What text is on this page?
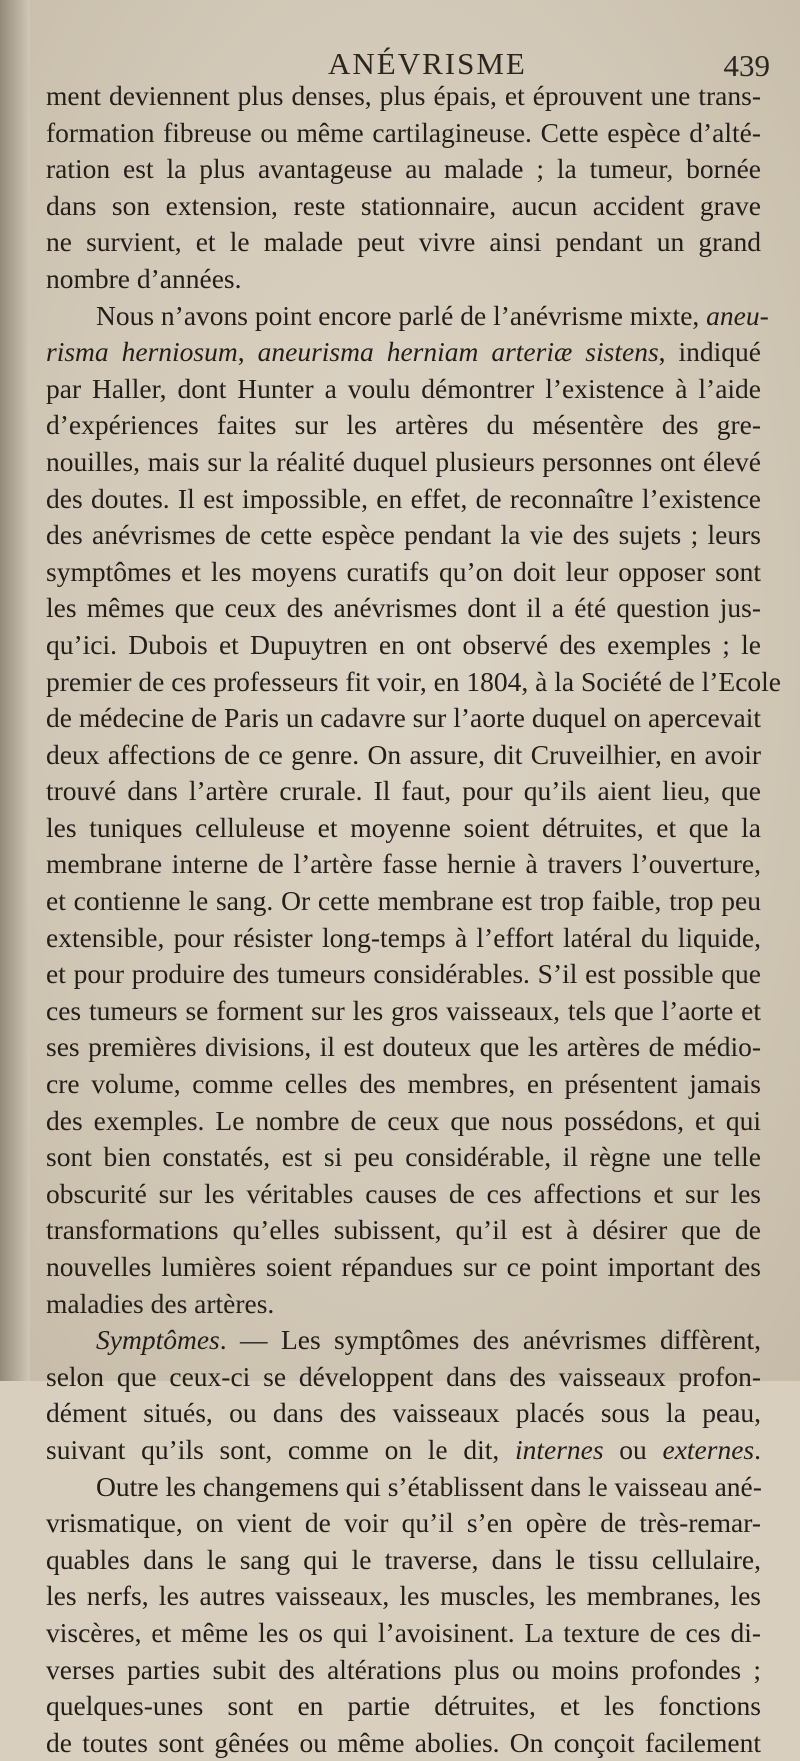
ANÉVRISME	439
ment deviennent plus denses, plus épais, et éprouvent une trans-
formation fibreuse ou même cartilagineuse. Cette espèce d’alté-
ration est la plus avantageuse au malade ; la tumeur, bornée
dans son extension, reste stationnaire, aucun accident grave
ne survient, et le malade peut vivre ainsi pendant un grand
nombre d’années.
Nous n’avons point encore parlé de l’anévrisme mixte, aneu-
risma herniosum, aneurisma herniam arteriæ sistens, indiqué
par Haller, dont Hunter a voulu démontrer l’existence à l’aide
d’expériences faites sur les artères du mésentère des gre-
nouilles, mais sur la réalité duquel plusieurs personnes ont élevé
des doutes. Il est impossible, en effet, de reconnaître l’existence
des anévrismes de cette espèce pendant la vie des sujets ; leurs
symptômes et les moyens curatifs qu’on doit leur opposer sont
les mêmes que ceux des anévrismes dont il a été question jus-
qu’ici. Dubois et Dupuytren en ont observé des exemples ; le
premier de ces professeurs fit voir, en 1804, à la Société de l’Ecole
de médecine de Paris un cadavre sur l’aorte duquel on apercevait
deux affections de ce genre. On assure, dit Cruveilhier, en avoir
trouvé dans l’artère crurale. Il faut, pour qu’ils aient lieu, que
les tuniques celluleuse et moyenne soient détruites, et que la
membrane interne de l’artère fasse hernie à travers l’ouverture,
et contienne le sang. Or cette membrane est trop faible, trop peu
extensible, pour résister long-temps à l’effort latéral du liquide,
et pour produire des tumeurs considérables. S’il est possible que
ces tumeurs se forment sur les gros vaisseaux, tels que l’aorte et
ses premières divisions, il est douteux que les artères de médio-
cre volume, comme celles des membres, en présentent jamais
des exemples. Le nombre de ceux que nous possédons, et qui
sont bien constatés, est si peu considérable, il règne une telle
obscurité sur les véritables causes de ces affections et sur les
transformations qu’elles subissent, qu’il est à désirer que de
nouvelles lumières soient répandues sur ce point important des
maladies des artères.
Symptômes. — Les symptômes des anévrismes diffèrent,
selon que ceux-ci se développent dans des vaisseaux profon-
dément situés, ou dans des vaisseaux placés sous la peau,
suivant qu’ils sont, comme on le dit, internes ou externes.
Outre les changemens qui s’établissent dans le vaisseau ané-
vrismatique, on vient de voir qu’il s’en opère de très-remar-
quables dans le sang qui le traverse, dans le tissu cellulaire,
les nerfs, les autres vaisseaux, les muscles, les membranes, les
viscères, et même les os qui l’avoisinent. La texture de ces di-
verses parties subit des altérations plus ou moins profondes ;
quelques-unes sont en partie détruites, et les fonctions
de toutes sont gênées ou même abolies. On conçoit facilement
